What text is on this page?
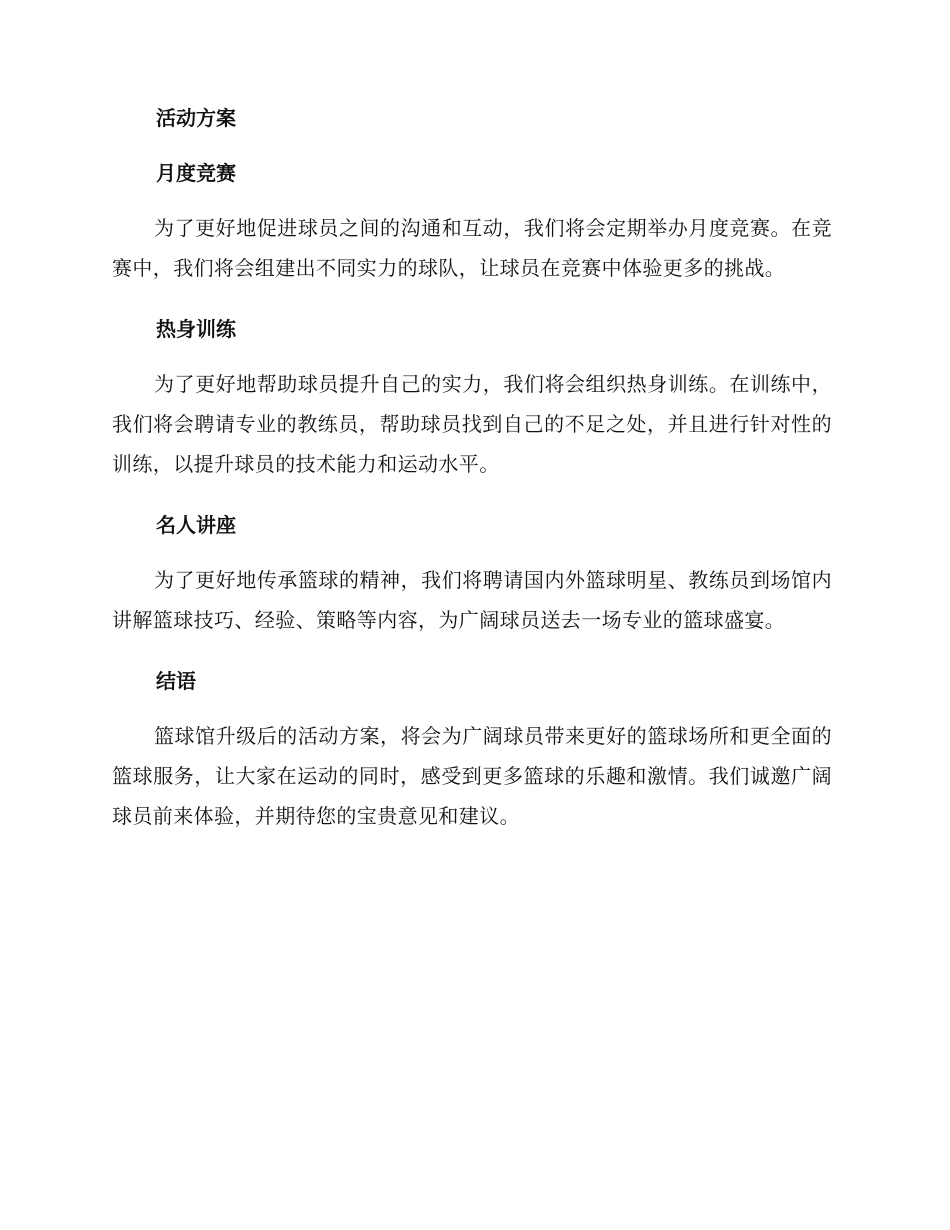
活动方案
月度竞赛

为了更好地促进球员之间的沟通和互动，我们将会定期举办月度竞赛。在竞赛中，我们将会组建出不同实力的球队，让球员在竞赛中体验更多的挑战。

热身训练

为了更好地帮助球员提升自己的实力，我们将会组织热身训练。在训练中，我们将会聘请专业的教练员，帮助球员找到自己的不足之处，并且进行针对性的训练，以提升球员的技术能力和运动水平。

名人讲座

为了更好地传承篮球的精神，我们将聘请国内外篮球明星、教练员到场馆内讲解篮球技巧、经验、策略等内容，为广阔球员送去一场专业的篮球盛宴。

结语

篮球馆升级后的活动方案，将会为广阔球员带来更好的篮球场所和更全面的篮球服务，让大家在运动的同时，感受到更多篮球的乐趣和激情。我们诚邀广阔球员前来体验，并期待您的宝贵意见和建议。
